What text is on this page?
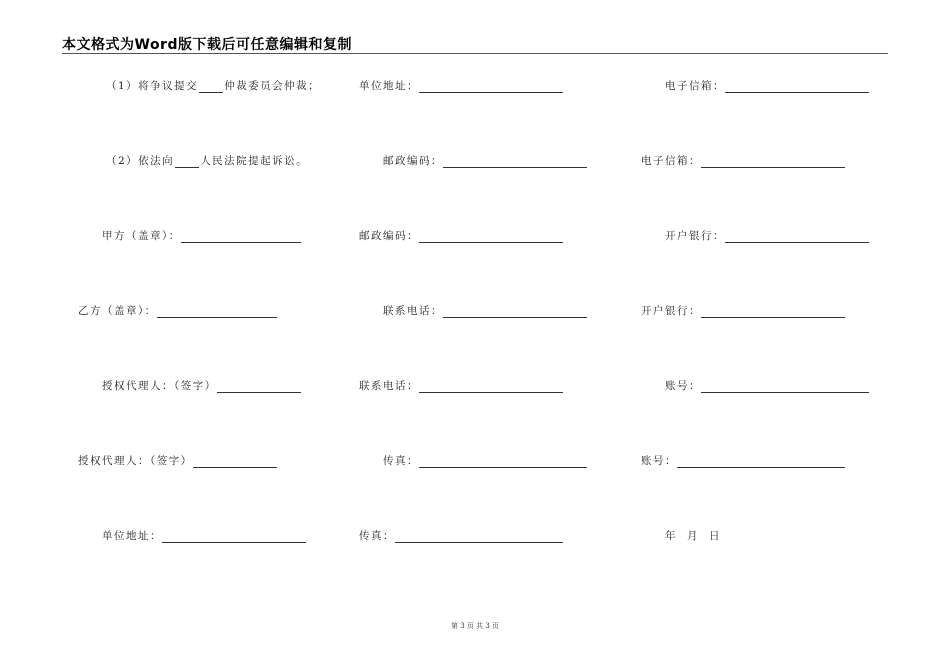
本文格式为Word版下载后可任意编辑和复制
（1）将争议提交 仲裁委员会仲裁；
（2）依法向 人民法院提起诉讼。
甲方（盖章）：
乙方（盖章）：
授权代理人：（签字）
授权代理人：（签字）
单位地址：
单位地址：
邮政编码：
邮政编码：
联系电话：
联系电话：
传真：
传真：
电子信箱：
电子信箱：
开户银行：
开户银行：
账号：
账号：
年 月 日
第 3 页 共 3 页
